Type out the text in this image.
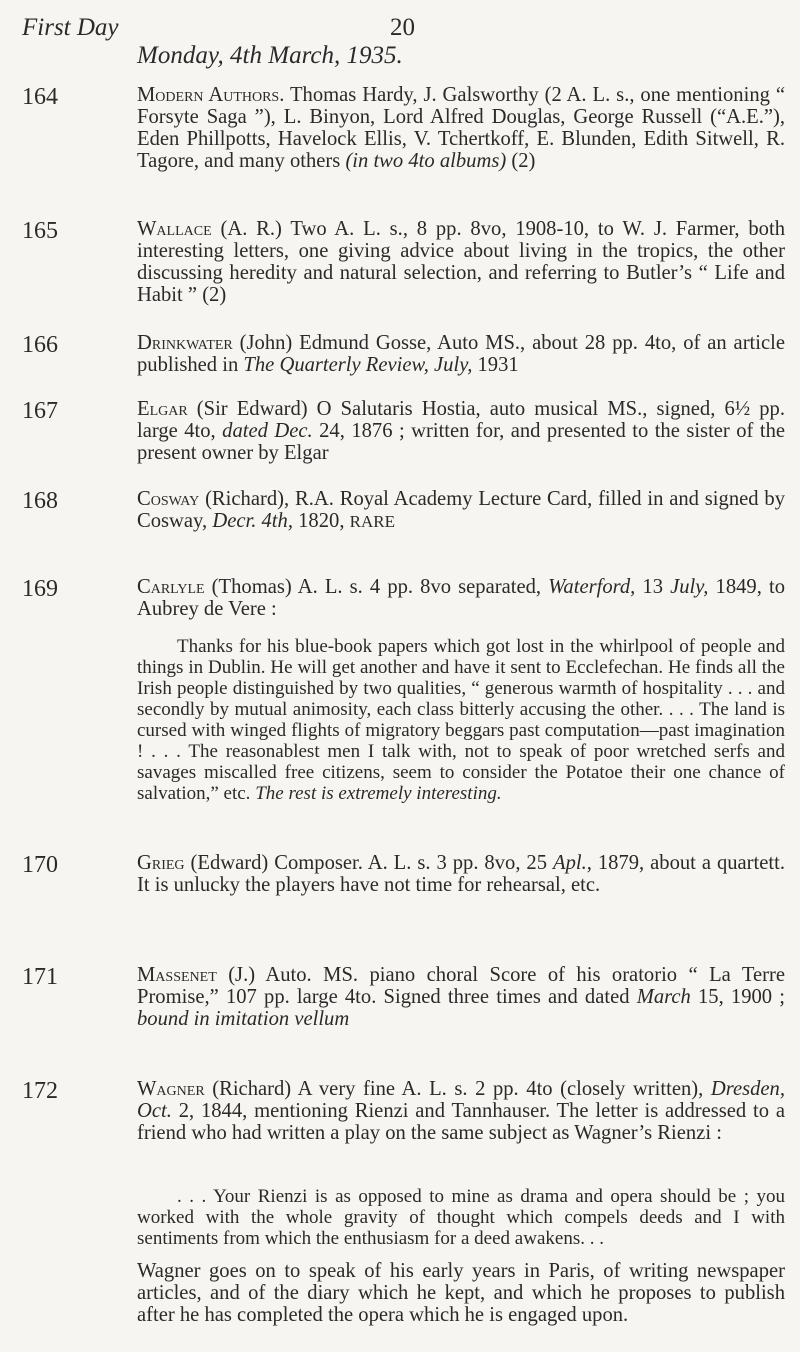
First Day	20
Monday, 4th March, 1935.
164	Modern Authors. Thomas Hardy, J. Galsworthy (2 A. L. s., one mentioning “ Forsyte Saga ”), L. Binyon, Lord Alfred Douglas, George Russell (“A.E.”), Eden Phillpotts, Havelock Ellis, V. Tchertkoff, E. Blunden, Edith Sitwell, R. Tagore, and many others (in two 4to albums) (2)
165	Wallace (A. R.) Two A. L. s., 8 pp. 8vo, 1908-10, to W. J. Farmer, both interesting letters, one giving advice about living in the tropics, the other discussing heredity and natural selection, and referring to Butler’s “ Life and Habit ” (2)
166	Drinkwater (John) Edmund Gosse, Auto MS., about 28 pp. 4to, of an article published in The Quarterly Review, July, 1931
167	Elgar (Sir Edward) O Salutaris Hostia, auto musical MS., signed, 6½ pp. large 4to, dated Dec. 24, 1876 ; written for, and presented to the sister of the present owner by Elgar
168	Cosway (Richard), R.A. Royal Academy Lecture Card, filled in and signed by Cosway, Decr. 4th, 1820, RARE
169	Carlyle (Thomas) A. L. s. 4 pp. 8vo separated, Waterford, 13 July, 1849, to Aubrey de Vere :
Thanks for his blue-book papers which got lost in the whirlpool of people and things in Dublin. He will get another and have it sent to Ecclefechan. He finds all the Irish people distinguished by two qualities, “ generous warmth of hospitality . . . and secondly by mutual animosity, each class bitterly accusing the other. . . . The land is cursed with winged flights of migratory beggars past computation—past imagination ! . . . The reasonablest men I talk with, not to speak of poor wretched serfs and savages miscalled free citizens, seem to consider the Potatoe their one chance of salvation,” etc. The rest is extremely interesting.
170	Grieg (Edward) Composer. A. L. s. 3 pp. 8vo, 25 Apl., 1879, about a quartett. It is unlucky the players have not time for rehearsal, etc.
171	Massenet (J.) Auto. MS. piano choral Score of his oratorio “ La Terre Promise,” 107 pp. large 4to. Signed three times and dated March 15, 1900 ; bound in imitation vellum
172	Wagner (Richard) A very fine A. L. s. 2 pp. 4to (closely written), Dresden, Oct. 2, 1844, mentioning Rienzi and Tannhauser. The letter is addressed to a friend who had written a play on the same subject as Wagner’s Rienzi :
. . . Your Rienzi is as opposed to mine as drama and opera should be ; you worked with the whole gravity of thought which compels deeds and I with sentiments from which the enthusiasm for a deed awakens. . .
Wagner goes on to speak of his early years in Paris, of writing newspaper articles, and of the diary which he kept, and which he proposes to publish after he has completed the opera which he is engaged upon.
